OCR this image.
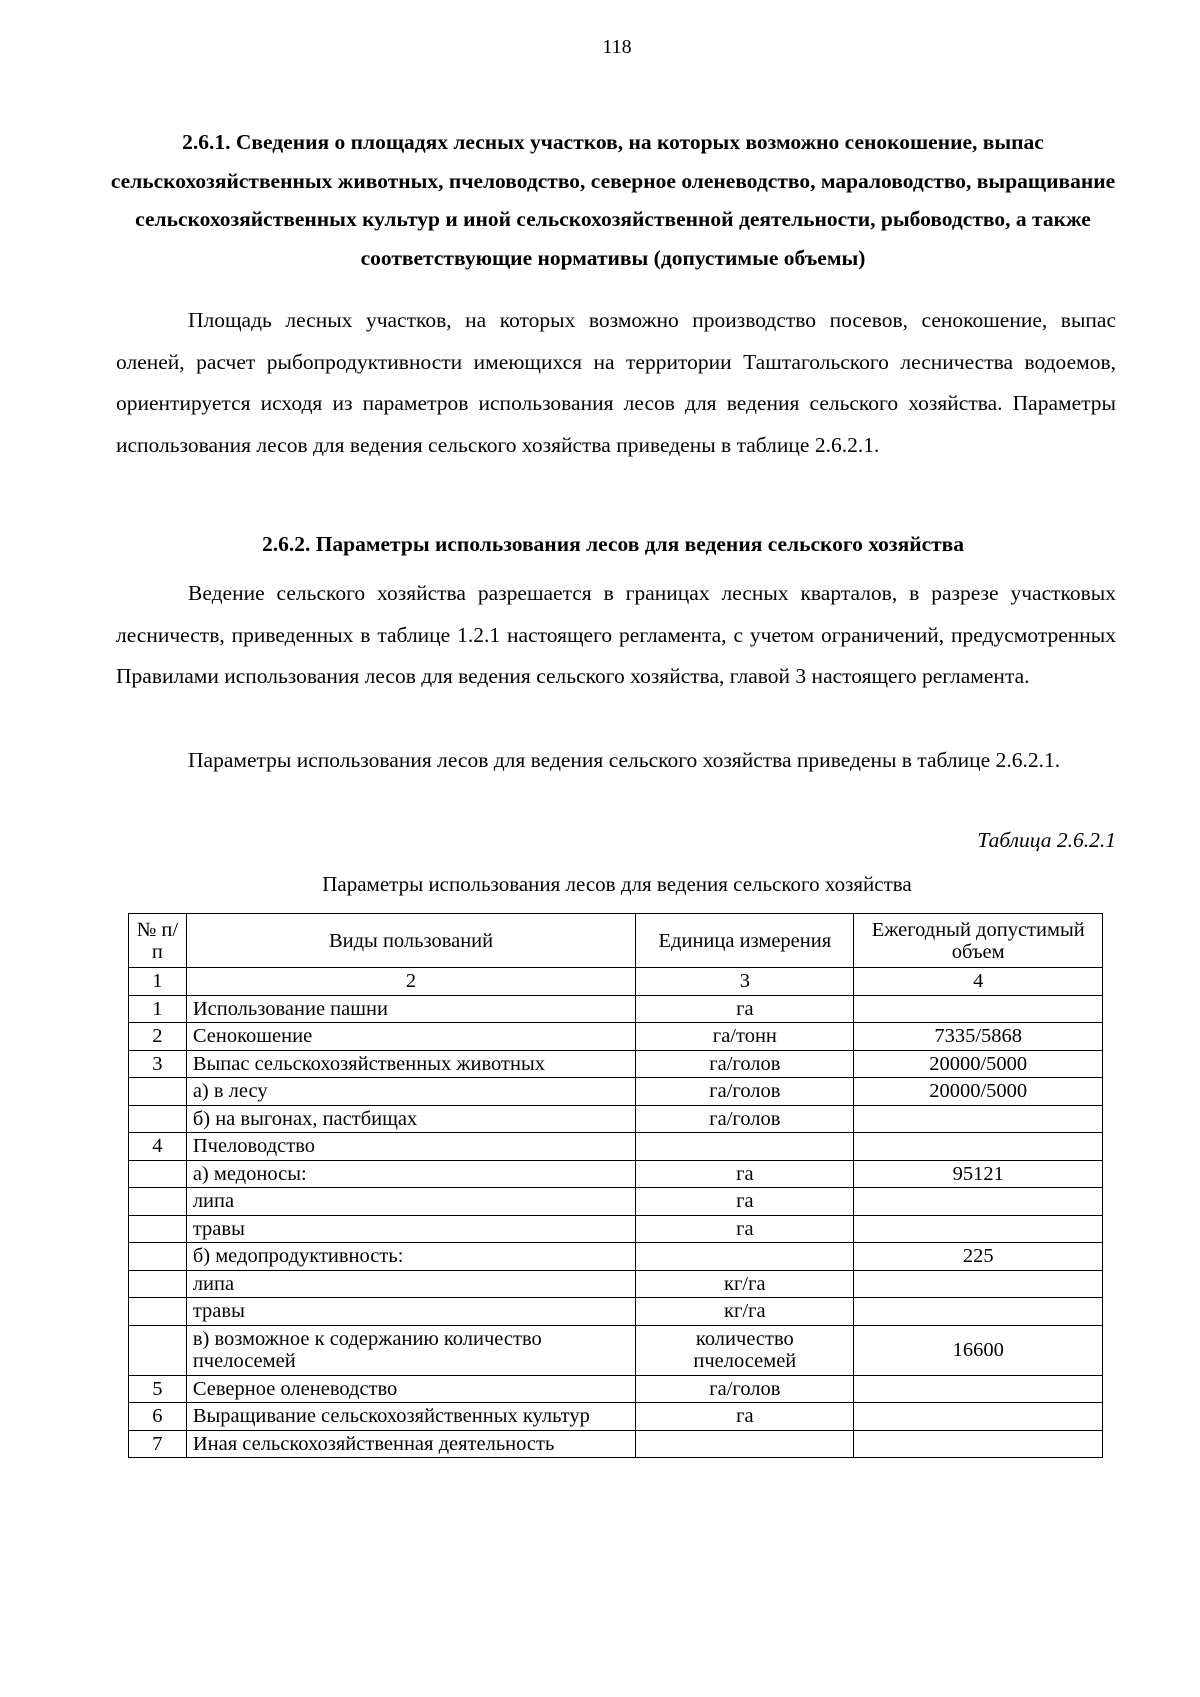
118
2.6.1. Сведения о площадях лесных участков, на которых возможно сенокошение, выпас сельскохозяйственных животных, пчеловодство, северное оленеводство, мараловодство, выращивание сельскохозяйственных культур и иной сельскохозяйственной деятельности, рыбоводство, а также соответствующие нормативы (допустимые объемы)

Площадь лесных участков, на которых возможно производство посевов, сенокошение, выпас оленей, расчет рыбопродуктивности имеющихся на территории Таштагольского лесничества водоемов, ориентируется исходя из параметров использования лесов для ведения сельского хозяйства. Параметры использования лесов для ведения сельского хозяйства приведены в таблице 2.6.2.1.

2.6.2. Параметры использования лесов для ведения сельского хозяйства

Ведение сельского хозяйства разрешается в границах лесных кварталов, в разрезе участковых лесничеств, приведенных в таблице 1.2.1 настоящего регламента, с учетом ограничений, предусмотренных Правилами использования лесов для ведения сельского хозяйства, главой 3 настоящего регламента.

Параметры использования лесов для ведения сельского хозяйства приведены в таблице 2.6.2.1.

Таблица 2.6.2.1
Параметры использования лесов для ведения сельского хозяйства
№ п/п	Виды пользований	Единица измерения	Ежегодный допустимый объем
1	2	3	4
1	Использование пашни	га	
2	Сенокошение	га/тонн	7335/5868
3	Выпас сельскохозяйственных животных	га/голов	20000/5000
	а) в лесу	га/голов	20000/5000
	б) на выгонах, пастбищах	га/голов	
4	Пчеловодство		
	а) медоносы:	га	95121
	липа	га	
	травы	га	
	б) медопродуктивность:		225
	липа	кг/га	
	травы	кг/га	
	в) возможное к содержанию количество пчелосемей	количество пчелосемей	16600
5	Северное оленеводство	га/голов	
6	Выращивание сельскохозяйственных культур	га	
7	Иная сельскохозяйственная деятельность		
